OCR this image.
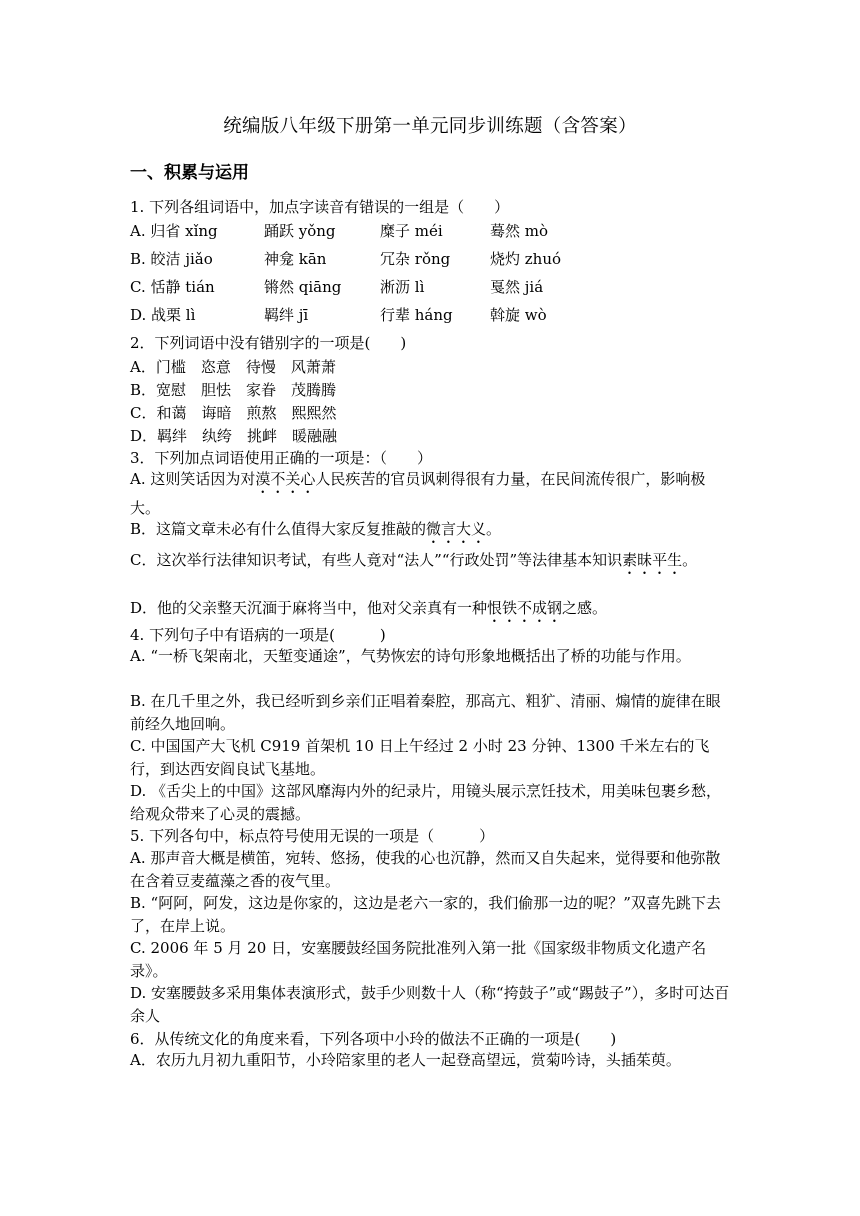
统编版八年级下册第一单元同步训练题（含答案）
一、积累与运用
1. 下列各组词语中，加点字读音有错误的一组是（　　）
A. 归省 xǐng	踊跃 yǒng	糜子 méi	蓦然 mò
B. 皎洁 jiǎo	神龛 kān	冗杂 rǒng	烧灼 zhuó
C. 恬静 tián	锵然 qiāng	淅沥 lì	戛然 jiá
D. 战栗 lì	羁绊 jī	行辈 háng 斡旋 wò
2．下列词语中没有错别字的一项是(　　)
A．门槛　恣意　待慢　风萧萧
B．宽慰　胆怯　家眷　茂腾腾
C．和蔼　诲暗　煎熬　熙熙然
D．羁绊　纨绔　挑衅　暖融融
3．下列加点词语使用正确的一项是：（　　）
A. 这则笑话因为对漠不关心人民疾苦的官员讽刺得很有力量，在民间流传很广，影响极大。
B．这篇文章未必有什么值得大家反复推敲的微言大义。
C．这次举行法律知识考试，有些人竟对“法人”“行政处罚”等法律基本知识素昧平生。
D．他的父亲整天沉湎于麻将当中，他对父亲真有一种恨铁不成钢之感。
4. 下列句子中有语病的一项是(　　　)
A. “一桥飞架南北，天堑变通途”，气势恢宏的诗句形象地概括出了桥的功能与作用。
B. 在几千里之外，我已经听到乡亲们正唱着秦腔，那高亢、粗犷、清丽、煽情的旋律在眼前经久地回响。
C. 中国国产大飞机 C919 首架机 10 日上午经过 2 小时 23 分钟、1300 千米左右的飞行，到达西安阎良试飞基地。
D. 《舌尖上的中国》这部风靡海内外的纪录片，用镜头展示烹饪技术，用美味包裹乡愁，给观众带来了心灵的震撼。
5. 下列各句中，标点符号使用无误的一项是（　　　）
A. 那声音大概是横笛，宛转、悠扬，使我的心也沉静，然而又自失起来，觉得要和他弥散在含着豆麦蕴藻之香的夜气里。
B. “阿阿，阿发，这边是你家的，这边是老六一家的，我们偷那一边的呢？”双喜先跳下去了，在岸上说。
C. 2006 年 5 月 20 日，安塞腰鼓经国务院批准列入第一批《国家级非物质文化遗产名录》。
D. 安塞腰鼓多采用集体表演形式，鼓手少则数十人（称“挎鼓子”或“踢鼓子”），多时可达百余人
6．从传统文化的角度来看，下列各项中小玲的做法不正确的一项是(　　)
A．农历九月初九重阳节，小玲陪家里的老人一起登高望远，赏菊吟诗，头插茱萸。
